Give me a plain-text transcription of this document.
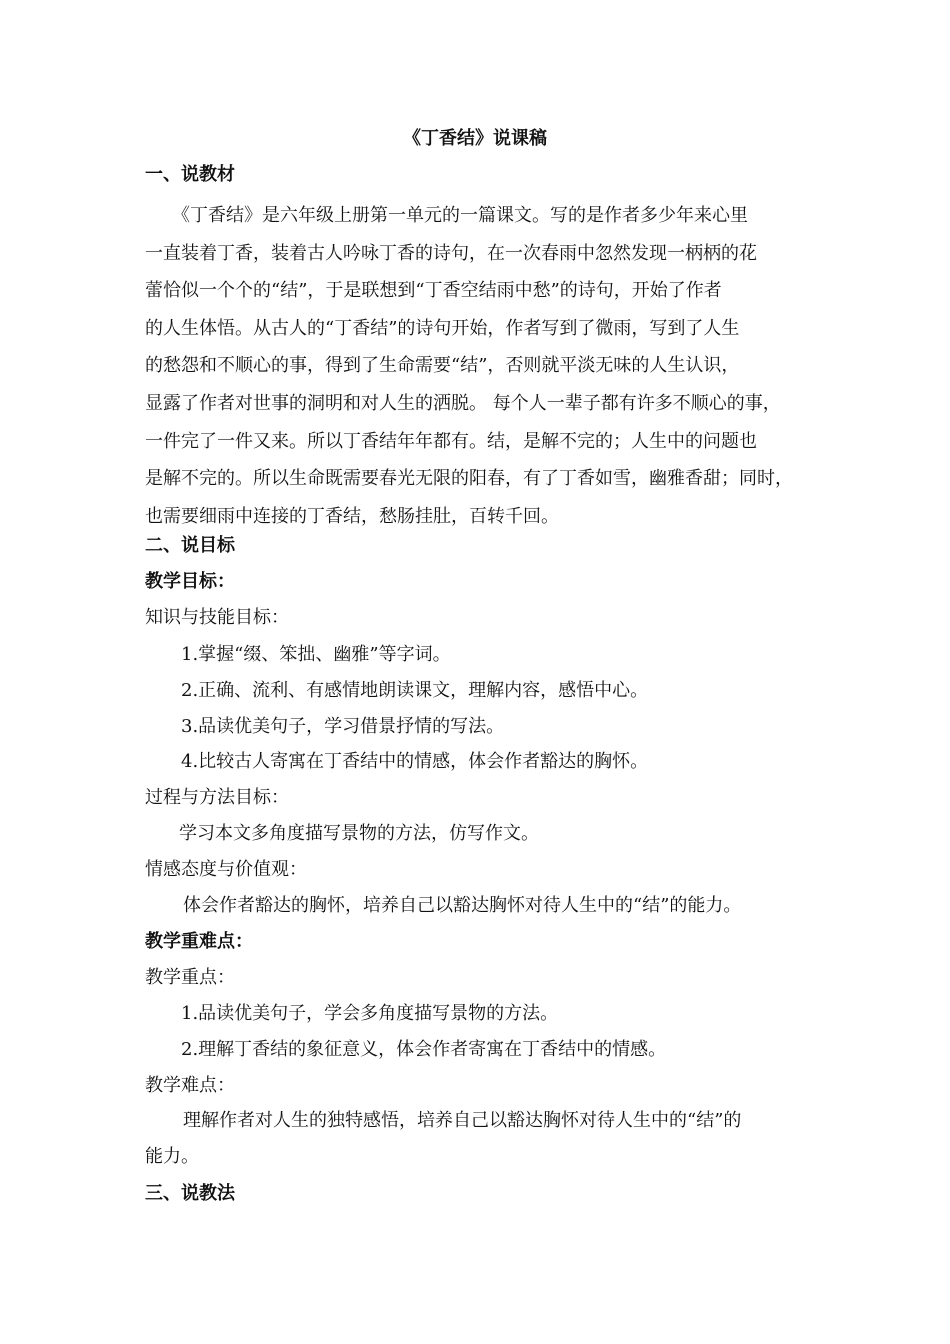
《丁香结》说课稿
一、说教材
　　《丁香结》是六年级上册第一单元的一篇课文。写的是作者多少年来心里
一直装着丁香，装着古人吟咏丁香的诗句，在一次春雨中忽然发现一柄柄的花
蕾恰似一个个的“结”，于是联想到“丁香空结雨中愁”的诗句，开始了作者
的人生体悟。从古人的“丁香结”的诗句开始，作者写到了微雨，写到了人生
的愁怨和不顺心的事，得到了生命需要“结”，否则就平淡无味的人生认识，
显露了作者对世事的洞明和对人生的洒脱。 每个人一辈子都有许多不顺心的事，
一件完了一件又来。所以丁香结年年都有。结，是解不完的；人生中的问题也
是解不完的。所以生命既需要春光无限的阳春，有了丁香如雪，幽雅香甜；同时，
也需要细雨中连接的丁香结，愁肠挂肚，百转千回。
二、说目标
教学目标：
知识与技能目标：
1.掌握“缀、笨拙、幽雅”等字词。
2.正确、流利、有感情地朗读课文，理解内容，感悟中心。
3.品读优美句子，学习借景抒情的写法。
4.比较古人寄寓在丁香结中的情感，体会作者豁达的胸怀。
过程与方法目标：
学习本文多角度描写景物的方法，仿写作文。
情感态度与价值观：
体会作者豁达的胸怀，培养自己以豁达胸怀对待人生中的“结”的能力。
教学重难点：
教学重点：
1.品读优美句子，学会多角度描写景物的方法。
2.理解丁香结的象征意义，体会作者寄寓在丁香结中的情感。
教学难点：
理解作者对人生的独特感悟，培养自己以豁达胸怀对待人生中的“结”的
能力。
三、说教法
